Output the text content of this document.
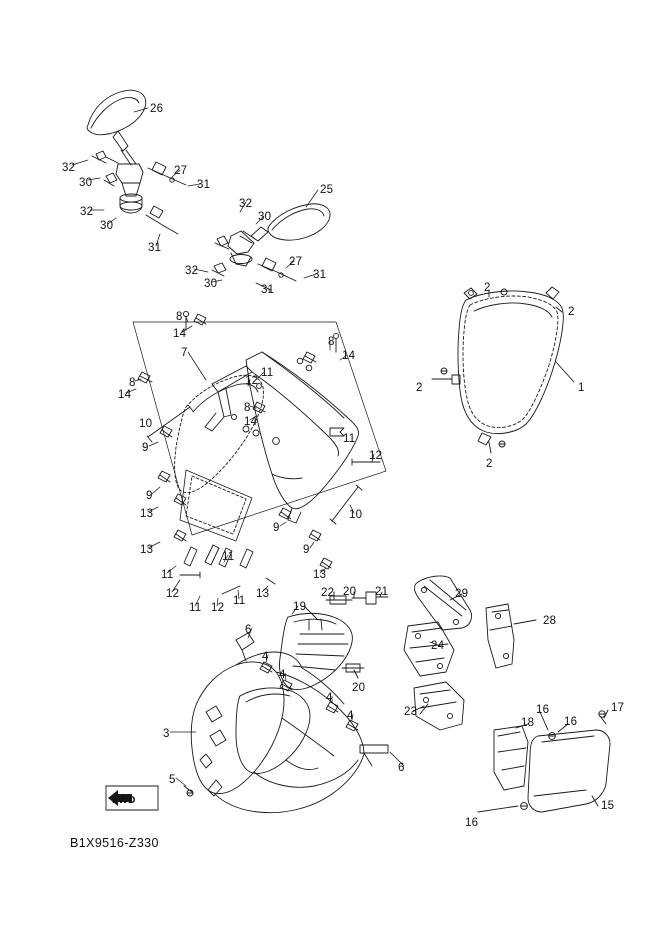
FWD
B1X9516-Z330
26
32
30
27
31
32
30
31
32
30
25
32
30
27
31
31	2
2
2	1
2
8
14
7
8
14
11
12
8
14
8
14
10
11
9
12
9
10
13
9
13	9
11
11	13
12
11 12
11
13	22 20 21	29
19
28
24
6
4
4
20
4
4	23
3
16
18	16
17
6
5
15
16
